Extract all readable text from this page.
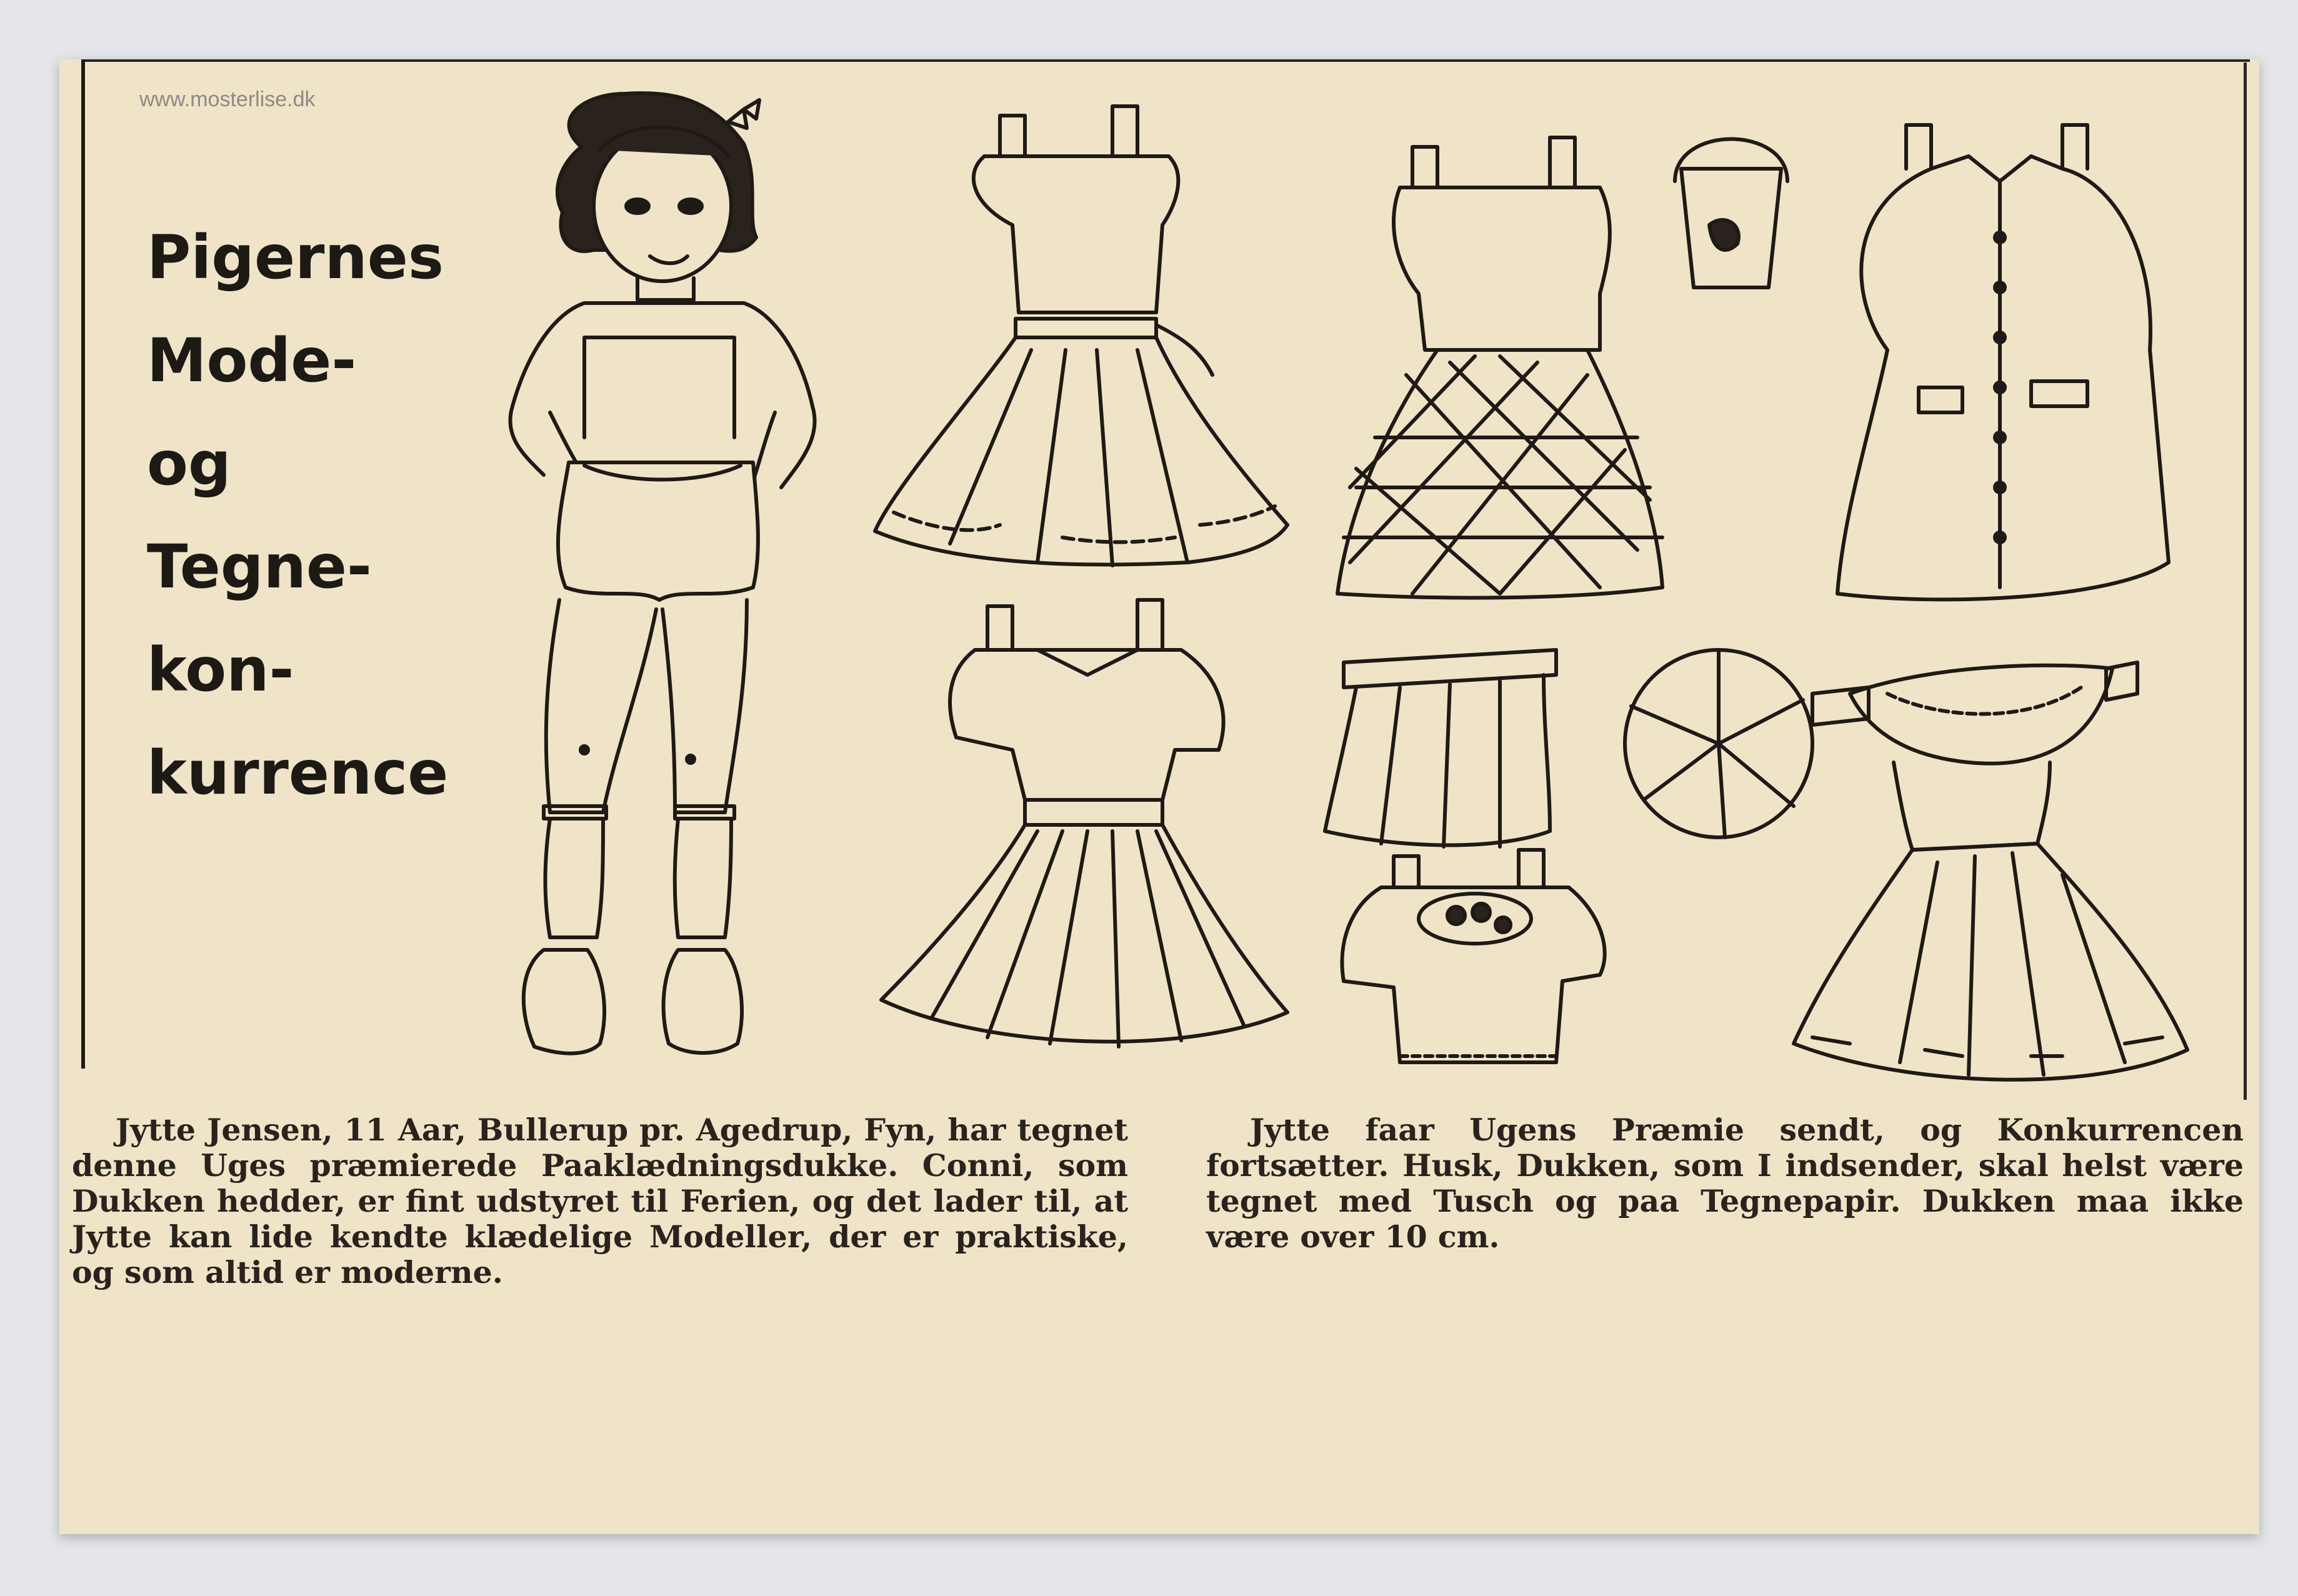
www.mosterlise.dk
Pigernes
Mode-
og
Tegne-
kon-
kurrence
Jytte Jensen, 11 Aar, Bullerup pr. Agedrup, Fyn, har tegnet denne Uges præmierede Paaklædningsdukke. Conni, som Dukken hedder, er fint udstyret til Ferien, og det lader til, at Jytte kan lide kendte klædelige Modeller, der er praktiske, og som altid er moderne.
Jytte faar Ugens Præmie sendt, og Konkurrencen fortsætter. Husk, Dukken, som I indsender, skal helst være tegnet med Tusch og paa Tegnepapir. Dukken maa ikke være over 10 cm.
